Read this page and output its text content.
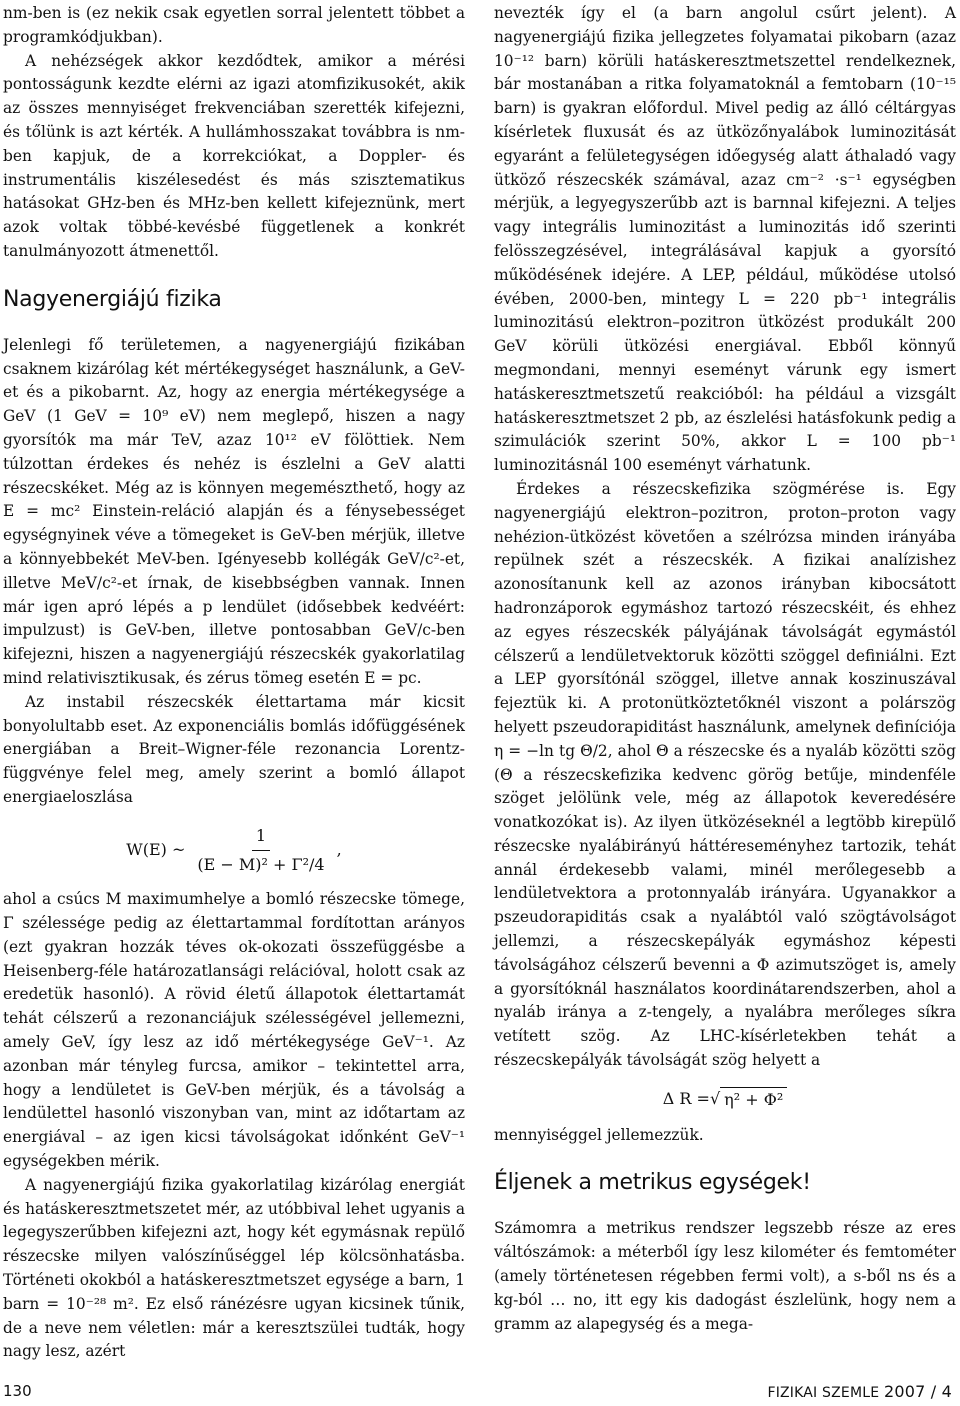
nm-ben is (ez nekik csak egyetlen sorral jelentett többet a programkódjukban).

A nehézségek akkor kezdődtek, amikor a mérési pontosságunk kezdte elérni az igazi atomfizikusokét, akik az összes mennyiséget frekvenciában szerették kifejezni, és tőlünk is azt kérték. A hullámhosszakat továbbra is nm-ben kapjuk, de a korrekciókat, a Doppler- és instrumentális kiszélesedést és más szisztematikus hatásokat GHz-ben és MHz-ben kellett kifejeznünk, mert azok voltak többé-kevésbé függetlenek a konkrét tanulmányozott átmenettől.

Nagyenergiájú fizika

Jelenlegi fő területemen, a nagyenergiájú fizikában csaknem kizárólag két mértékegységet használunk, a GeV-et és a pikobarnt. Az, hogy az energia mértékegysége a GeV (1 GeV = 10⁹ eV) nem meglepő, hiszen a nagy gyorsítók ma már TeV, azaz 10¹² eV fölöttiek. Nem túlzottan érdekes és nehéz is észlelni a GeV alatti részecskéket. Még az is könnyen megemészthető, hogy az E = mc² Einstein-reláció alapján és a fénysebességet egységnyinek véve a tömegeket is GeV-ben mérjük, illetve a könnyebbekét MeV-ben. Igényesebb kollégák GeV/c²-et, illetve MeV/c²-et írnak, de kisebbségben vannak. Innen már igen apró lépés a p lendület (idősebbek kedvéért: impulzust) is GeV-ben, illetve pontosabban GeV/c-ben kifejezni, hiszen a nagyenergiájú részecskék gyakorlatilag mind relativisztikusak, és zérus tömeg esetén E = pc.

Az instabil részecskék élettartama már kicsit bonyolultabb eset. Az exponenciális bomlás időfüggésének energiában a Breit–Wigner-féle rezonancia Lorentz-függvénye felel meg, amely szerint a bomló állapot energiaeloszlása

W(E) ~ $\frac{1}{\text{(E − M)² + Γ²/4}}$ ,

ahol a csúcs M maximumhelye a bomló részecske tömege, Γ szélessége pedig az élettartammal fordítottan arányos (ezt gyakran hozzák téves ok-okozati összefüggésbe a Heisenberg-féle határozatlansági relációval, holott csak az eredetük hasonló). A rövid életű állapotok élettartamát tehát célszerű a rezonanciájuk szélességével jellemezni, amely GeV, így lesz az idő mértékegysége GeV⁻¹. Az azonban már tényleg furcsa, amikor – tekintettel arra, hogy a lendületet is GeV-ben mérjük, és a távolság a lendülettel hasonló viszonyban van, mint az időtartam az energiával – az igen kicsi távolságokat időnként GeV⁻¹ egységekben mérik.

A nagyenergiájú fizika gyakorlatilag kizárólag energiát és hatáskeresztmetszetet mér, az utóbbival lehet ugyanis a legegyszerűbben kifejezni azt, hogy két egymásnak repülő részecske milyen valószínűséggel lép kölcsönhatásba. Történeti okokból a hatáskeresztmetszet egysége a barn, 1 barn = 10⁻²⁸ m². Ez első ránézésre ugyan kicsinek tűnik, de a neve nem véletlen: már a keresztszülei tudták, hogy nagy lesz, azért

nevezték így el (a barn angolul csűrt jelent). A nagyenergiájú fizika jellegzetes folyamatai pikobarn (azaz 10⁻¹² barn) körüli hatáskeresztmetszettel rendelkeznek, bár mostanában a ritka folyamatoknál a femtobarn (10⁻¹⁵ barn) is gyakran előfordul. Mivel pedig az álló céltárgyas kísérletek fluxusát és az ütközőnyalábok luminozitását egyaránt a felületegységen időegység alatt áthaladó vagy ütköző részecskék számával, azaz cm⁻² ·s⁻¹ egységben mérjük, a legyegyszerűbb azt is barnnal kifejezni. A teljes vagy integrális luminozitást a luminozitás idő szerinti felösszegzésével, integrálásával kapjuk a gyorsító működésének idejére. A LEP, például, működése utolsó évében, 2000-ben, mintegy L = 220 pb⁻¹ integrális luminozitású elektron–pozitron ütközést produkált 200 GeV körüli ütközési energiával. Ebből könnyű megmondani, mennyi eseményt várunk egy ismert hatáskeresztmetszetű reakcióból: ha például a vizsgált hatáskeresztmetszet 2 pb, az észlelési hatásfokunk pedig a szimulációk szerint 50%, akkor L = 100 pb⁻¹ luminozitásnál 100 eseményt várhatunk.

Érdekes a részecskefizika szögmérése is. Egy nagyenergiájú elektron–pozitron, proton–proton vagy nehézion-ütközést követően a szélrózsa minden irányába repülnek szét a részecskék. A fizikai analízishez azonosítanunk kell az azonos irányban kibocsátott hadronzáporok egymáshoz tartozó részecskéit, és ehhez az egyes részecskék pályájának távolságát egymástól célszerű a lendületvektoruk közötti szöggel definiálni. Ezt a LEP gyorsítónál szöggel, illetve annak koszinuszával fejeztük ki. A protonütköztetőknél viszont a polárszög helyett pszeudorapiditást használunk, amelynek definíciója η = −ln tg Θ/2, ahol Θ a részecske és a nyaláb közötti szög (Θ a részecskefizika kedvenc görög betűje, mindenféle szöget jelölünk vele, még az állapotok keveredésére vonatkozókat is). Az ilyen ütközéseknél a legtöbb kirepülő részecske nyalábirányú háttéreseményhez tartozik, tehát annál érdekesebb valami, minél merőlegesebb a lendületvektora a protonnyaláb irányára. Ugyanakkor a pszeudorapiditás csak a nyalábtól való szögtávolságot jellemzi, a részecskepályák egymáshoz képesti távolságához célszerű bevenni a Φ azimutszöget is, amely a gyorsítóknál használatos koordinátarendszerben, ahol a nyaláb iránya a z-tengely, a nyalábra merőleges síkra vetített szög. Az LHC-kísérletekben tehát a részecskepályák távolságát szög helyett a

Δ R = √ η² + Φ²

mennyiséggel jellemezzük.

Éljenek a metrikus egységek!

Számomra a metrikus rendszer legszebb része az eres váltószámok: a méterből így lesz kilométer és femtométer (amely történetesen régebben fermi volt), a s-ből ns és a kg-ból … no, itt egy kis dadogást észlelünk, hogy nem a gramm az alapegység és a mega-

130	FIZIKAI SZEMLE 2007 / 4
